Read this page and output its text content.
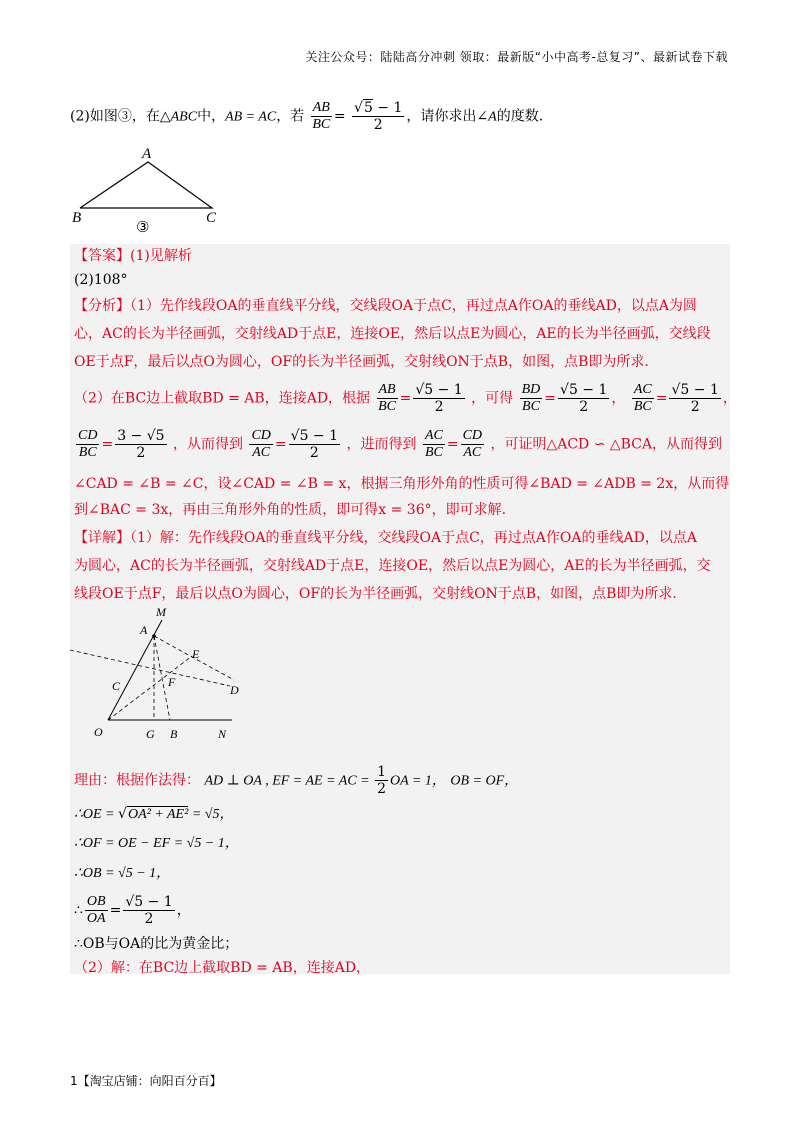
关注公众号：陆陆高分冲刺 领取：最新版“小中高考-总复习”、最新试卷下载
(2)如图③，在△ABC中，AB = AC，若 $\frac{AB}{BC} = \frac{√5 - 1}{2}$ ，请你求出∠A的度数.
A
B	C
③
【答案】(1)见解析
(2)108°
【分析】（1）先作线段OA的垂直线平分线，交线段OA于点C，再过点A作OA的垂线AD，以点A为圆
心，AC的长为半径画弧，交射线AD于点E，连接OE，然后以点E为圆心，AE的长为半径画弧，交线段
OE于点F，最后以点O为圆心，OF的长为半径画弧，交射线ON于点B，如图，点B即为所求.
（2）在BC边上截取BD = AB，连接AD，根据 $\frac{AB}{BC} = \frac{√5 - 1}{2}$ ，可得 $\frac{BD}{BC} = \frac{√5 - 1}{2}$ ， $\frac{AC}{BC} = \frac{√5 - 1}{2}$ ，
$\frac{CD}{BC} = \frac{3 - √5}{2}$ ，从而得到 $\frac{CD}{AC} = \frac{√5 - 1}{2}$ ，进而得到 $\frac{AC}{BC} = \frac{CD}{AC}$ ，可证明△ACD ∽ △BCA，从而得到
∠CAD = ∠B = ∠C，设∠CAD = ∠B = x，根据三角形外角的性质可得∠BAD = ∠ADB = 2x，从而得
到∠BAC = 3x，再由三角形外角的性质，即可得x = 36°，即可求解.
【详解】（1）解：先作线段OA的垂直线平分线，交线段OA于点C，再过点A作OA的垂线AD，以点A
为圆心，AC的长为半径画弧，交射线AD于点E，连接OE，然后以点E为圆心，AE的长为半径画弧，交
线段OE于点F，最后以点O为圆心，OF的长为半径画弧，交射线ON于点B，如图，点B即为所求.
M
A
E
D
C	F
O	G B	N
理由：根据作法得： AD ⊥ OA , EF = AE = AC = $\frac{1}{2}$ OA = 1， OB = OF，
∴OE = √OA² + AE² = √5，
∴OF = OE − EF = √5 − 1，
∴OB = √5 − 1，
∴ $\frac{OB}{OA} = \frac{√5 - 1}{2}$ ，
∴OB与OA的比为黄金比；
（2）解：在BC边上截取BD = AB，连接AD，
1【淘宝店铺：向阳百分百】
